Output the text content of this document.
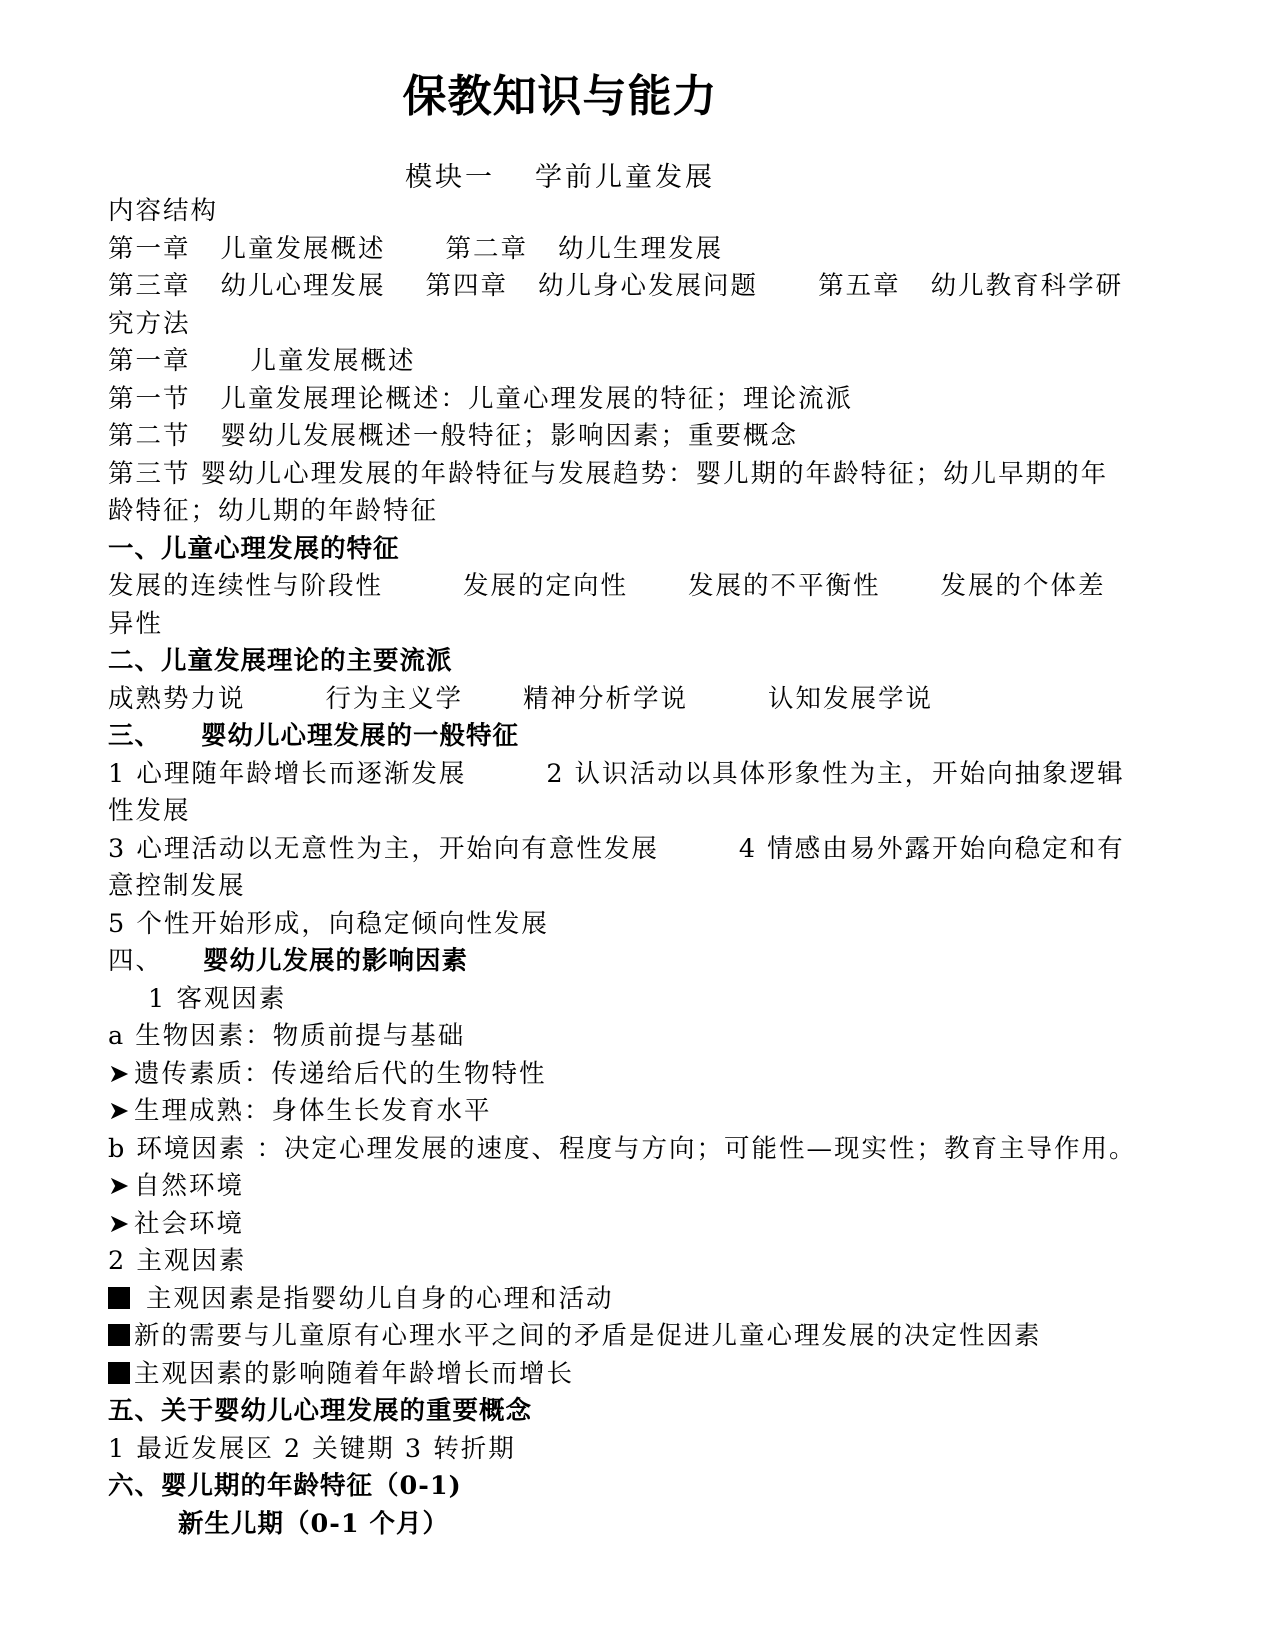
保教知识与能力
模块一 学前儿童发展

内容结构

第一章 儿童发展概述 第二章 幼儿生理发展

第三章 幼儿心理发展 第四章 幼儿身心发展问题 第五章 幼儿教育科学研

究方法

第一章 儿童发展概述

第一节 儿童发展理论概述：儿童心理发展的特征；理论流派

第二节 婴幼儿发展概述一般特征；影响因素；重要概念

第三节 婴幼儿心理发展的年龄特征与发展趋势：婴儿期的年龄特征；幼儿早期的年

龄特征；幼儿期的年龄特征

一、儿童心理发展的特征

发展的连续性与阶段性	发展的定向性 发展的不平衡性 发展的个体差

异性

二、儿童发展理论的主要流派

成熟势力说	行为主义学 精神分析学说	认知发展学说

三、 婴幼儿心理发展的一般特征

1 心理随年龄增长而逐渐发展	2 认识活动以具体形象性为主，开始向抽象逻辑

性发展

3 心理活动以无意性为主，开始向有意性发展	4 情感由易外露开始向稳定和有

意控制发展

5 个性开始形成，向稳定倾向性发展

四、 婴幼儿发展的影响因素

1 客观因素

a 生物因素：物质前提与基础

➤ 遗传素质：传递给后代的生物特性

➤ 生理成熟：身体生长发育水平

b 环境因素 ：决定心理发展的速度、程度与方向；可能性—现实性；教育主导作用。

➤ 自然环境

➤ 社会环境

2 主观因素

主观因素是指婴幼儿自身的心理和活动

新的需要与儿童原有心理水平之间的矛盾是促进儿童心理发展的决定性因素

主观因素的影响随着年龄增长而增长

五、关于婴幼儿心理发展的重要概念

1 最近发展区 2 关键期 3 转折期

六、婴儿期的年龄特征（0-1)

新生儿期（0-1 个月）
